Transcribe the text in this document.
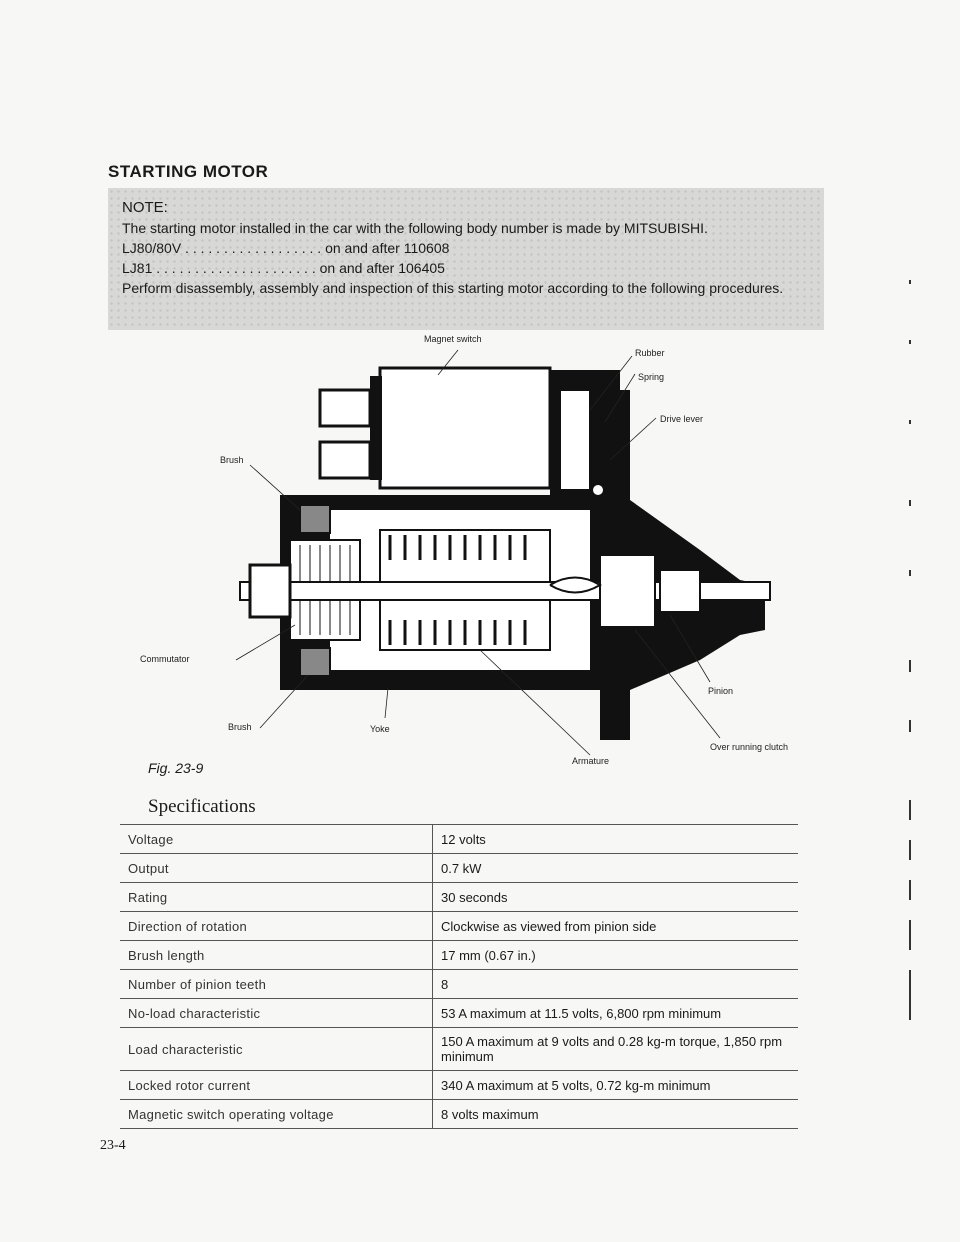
STARTING MOTOR
NOTE:
The starting motor installed in the car with the following body number is made by MITSUBISHI.
LJ80/80V . . . . . . . . . . . . . . . . . . on and after 110608
LJ81 . . . . . . . . . . . . . . . . . . . . . on and after 106405
Perform disassembly, assembly and inspection of this starting motor according to the following procedures.
Magnet switch
Rubber
Spring
Drive lever
Brush
Commutator
Brush	Yoke
Armature
Pinion
Over running clutch
Fig. 23-9
Specifications
Voltage	12 volts
Output	0.7 kW
Rating	30 seconds
Direction of rotation	Clockwise as viewed from pinion side
Brush length	17 mm (0.67 in.)
Number of pinion teeth	8
No-load characteristic	53 A maximum at 11.5 volts, 6,800 rpm minimum
Load characteristic	150 A maximum at 9 volts and 0.28 kg-m torque, 1,850 rpm minimum
Locked rotor current	340 A maximum at 5 volts, 0.72 kg-m minimum
Magnetic switch operating voltage	8 volts maximum
23-4
